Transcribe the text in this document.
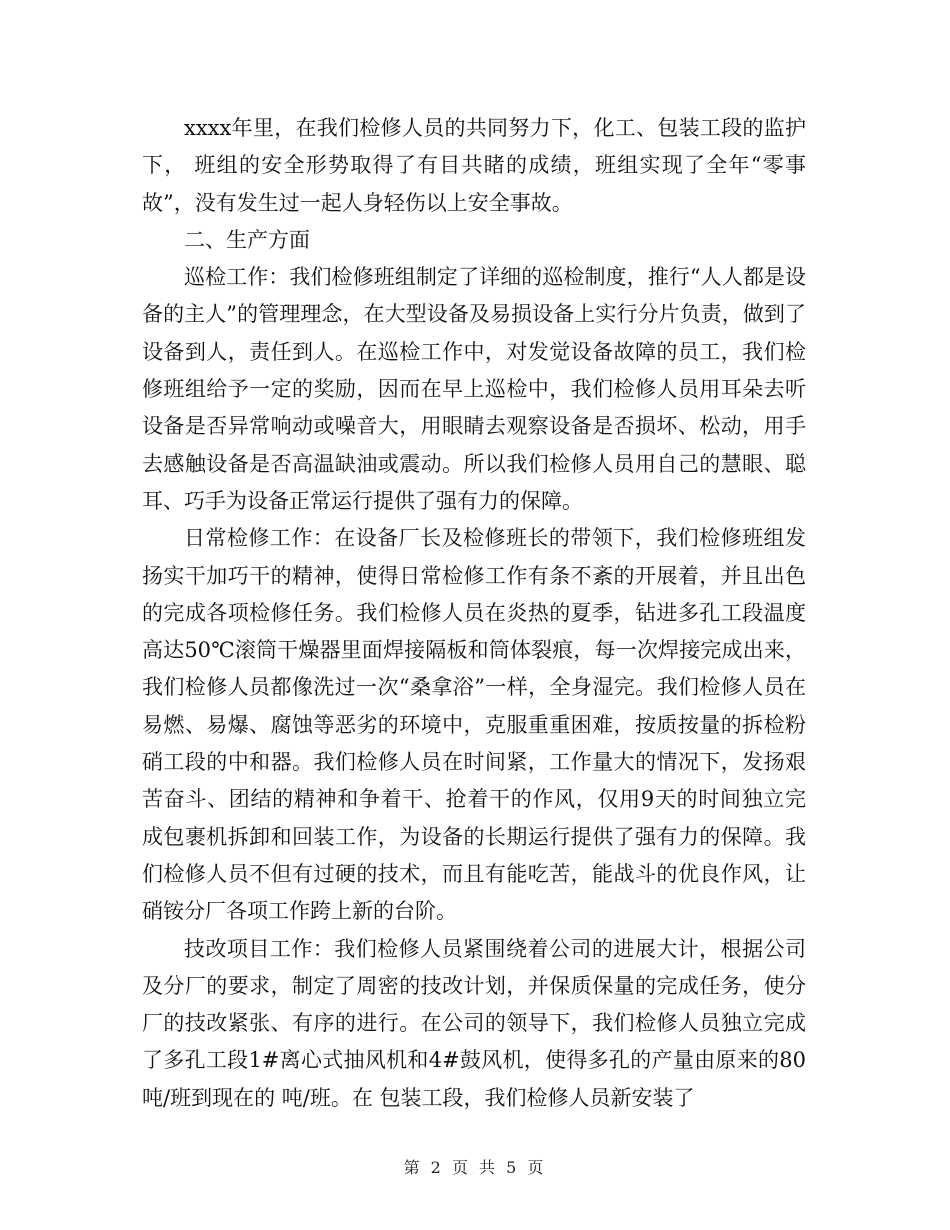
xxxx年里，在我们检修人员的共同努力下，化工、包装工段的监护下， 班组的安全形势取得了有目共睹的成绩，班组实现了全年“零事故”，没有发生过一起人身轻伤以上安全事故。

二、生产方面

巡检工作：我们检修班组制定了详细的巡检制度，推行“人人都是设备的主人”的管理理念，在大型设备及易损设备上实行分片负责，做到了设备到人，责任到人。在巡检工作中，对发觉设备故障的员工，我们检修班组给予一定的奖励，因而在早上巡检中，我们检修人员用耳朵去听设备是否异常响动或噪音大，用眼睛去观察设备是否损坏、松动，用手去感触设备是否高温缺油或震动。所以我们检修人员用自己的慧眼、聪耳、巧手为设备正常运行提供了强有力的保障。

日常检修工作：在设备厂长及检修班长的带领下，我们检修班组发扬实干加巧干的精神，使得日常检修工作有条不紊的开展着，并且出色的完成各项检修任务。我们检修人员在炎热的夏季，钻进多孔工段温度高达50℃滚筒干燥器里面焊接隔板和筒体裂痕，每一次焊接完成出来，我们检修人员都像洗过一次“桑拿浴”一样，全身湿完。我们检修人员在易燃、易爆、腐蚀等恶劣的环境中，克服重重困难，按质按量的拆检粉硝工段的中和器。我们检修人员在时间紧，工作量大的情况下，发扬艰苦奋斗、团结的精神和争着干、抢着干的作风，仅用9天的时间独立完成包裹机拆卸和回装工作，为设备的长期运行提供了强有力的保障。我们检修人员不但有过硬的技术，而且有能吃苦，能战斗的优良作风，让硝铵分厂各项工作跨上新的台阶。

技改项目工作：我们检修人员紧围绕着公司的进展大计，根据公司及分厂的要求，制定了周密的技改计划，并保质保量的完成任务，使分厂的技改紧张、有序的进行。在公司的领导下，我们检修人员独立完成了多孔工段1#离心式抽风机和4#鼓风机，使得多孔的产量由原来的80吨/班到现在的 吨/班。在 包装工段，我们检修人员新安装了

第 2 页 共 5 页
